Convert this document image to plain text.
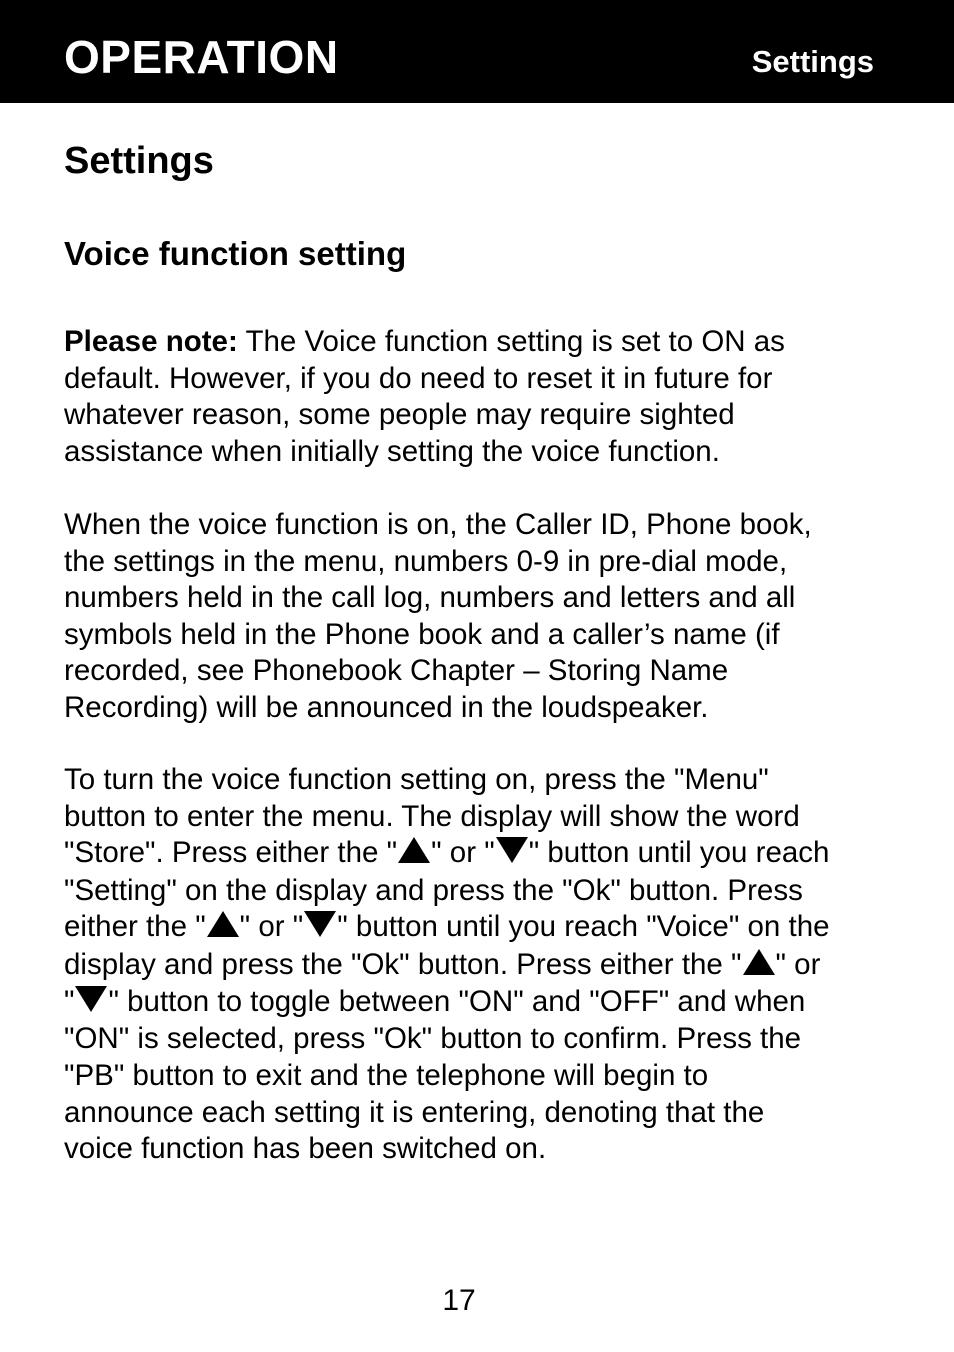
OPERATION	Settings
Settings
Voice function setting
Please note: The Voice function setting is set to ON as
default. However, if you do need to reset it in future for
whatever reason, some people may require sighted
assistance when initially setting the voice function.
When the voice function is on, the Caller ID, Phone book,
the settings in the menu, numbers 0-9 in pre-dial mode,
numbers held in the call log, numbers and letters and all
symbols held in the Phone book and a caller’s name (if
recorded, see Phonebook Chapter – Storing Name
Recording) will be announced in the loudspeaker.
To turn the voice function setting on, press the "Menu"
button to enter the menu. The display will show the word
"Store". Press either the " " or " " button until you reach
"Setting" on the display and press the "Ok" button. Press
either the " " or " " button until you reach "Voice" on the
display and press the "Ok" button. Press either the " " or
" " button to toggle between "ON" and "OFF" and when
"ON" is selected, press "Ok" button to confirm. Press the
"PB" button to exit and the telephone will begin to
announce each setting it is entering, denoting that the
voice function has been switched on.
17
